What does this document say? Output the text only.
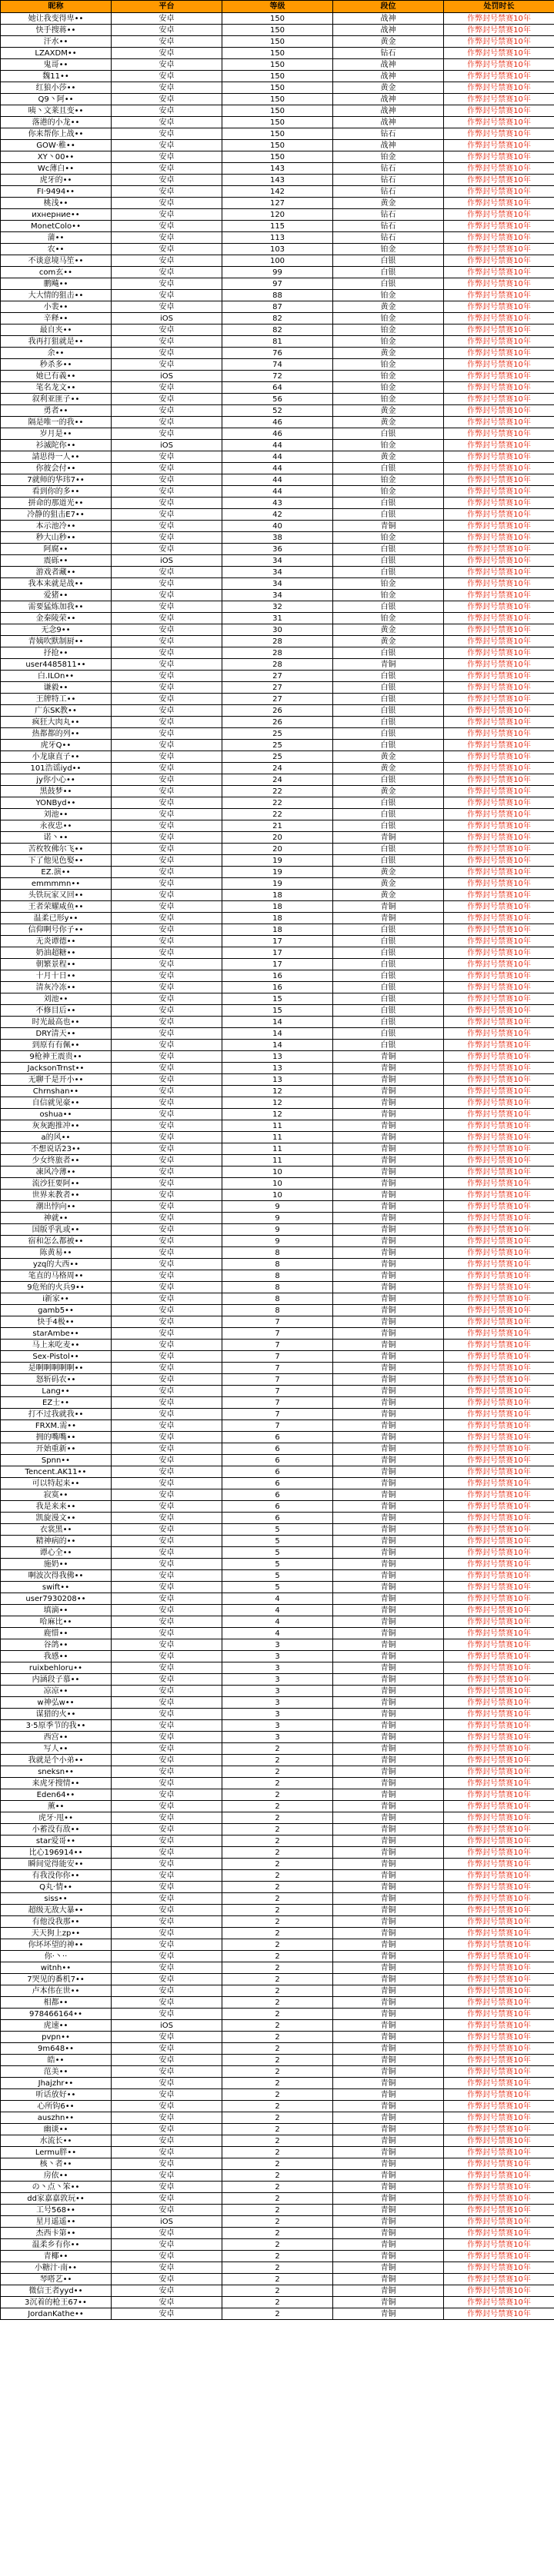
昵称	平台	等级	段位	处罚时长
她让我变得卑••	安卓	150	战神	作弊封号禁赛10年
快手搜蒋••	安卓	150	战神	作弊封号禁赛10年
汗水••	安卓	150	黄金	作弊封号禁赛10年
LZAXDM••	安卓	150	钻石	作弊封号禁赛10年
鬼哥••	安卓	150	战神	作弊封号禁赛10年
魏11••	安卓	150	战神	作弊封号禁赛10年
红狼小莎••	安卓	150	黄金	作弊封号禁赛10年
Q9丶阿••	安卓	150	战神	作弊封号禁赛10年
咦丶文莱且变••	安卓	150	战神	作弊封号禁赛10年
落港的小龙••	安卓	150	战神	作弊封号禁赛10年
你来帮你上战••	安卓	150	钻石	作弊封号禁赛10年
GOW·稚••	安卓	150	战神	作弊封号禁赛10年
XY丶00••	安卓	150	铂金	作弊封号禁赛10年
Wc薄白••	安卓	143	钻石	作弊封号禁赛10年
虎牙的••	安卓	143	钻石	作弊封号禁赛10年
FI·9494••	安卓	142	钻石	作弊封号禁赛10年
桃浅••	安卓	127	黄金	作弊封号禁赛10年
ихнерние••	安卓	120	钻石	作弊封号禁赛10年
MonetColo••	安卓	115	钻石	作弊封号禁赛10年
蒲••	安卓	113	钻石	作弊封号禁赛10年
农••	安卓	103	铂金	作弊封号禁赛10年
不谈意境马笙••	安卓	100	白银	作弊封号禁赛10年
com玄••	安卓	99	白银	作弊封号禁赛10年
鹏飚••	安卓	97	白银	作弊封号禁赛10年
大大情的狙击••	安卓	88	铂金	作弊封号禁赛10年
小裴••	安卓	87	黄金	作弊封号禁赛10年
辛释••	iOS	82	铂金	作弊封号禁赛10年
最自夹••	安卓	82	铂金	作弊封号禁赛10年
我再打狙就是••	安卓	81	铂金	作弊封号禁赛10年
余••	安卓	76	黄金	作弊封号禁赛10年
秒杀多••	安卓	74	铂金	作弊封号禁赛10年
她已有義••	iOS	72	铂金	作弊封号禁赛10年
笔名龙文••	安卓	64	铂金	作弊封号禁赛10年
叙利亚匪子••	安卓	56	铂金	作弊封号禁赛10年
勇者••	安卓	52	黄金	作弊封号禁赛10年
隔是唯一的我••	安卓	46	黄金	作弊封号禁赛10年
岁月是••	安卓	46	白银	作弊封号禁赛10年
衫滅陀你••	iOS	44	铂金	作弊封号禁赛10年
請思得一人••	安卓	44	黄金	作弊封号禁赛10年
你彼会付••	安卓	44	白银	作弊封号禁赛10年
7就师的华玮7••	安卓	44	铂金	作弊封号禁赛10年
看到你的多••	安卓	44	铂金	作弊封号禁赛10年
拼命的那道光••	安卓	43	白银	作弊封号禁赛10年
冷静的狙击E7••	安卓	42	白银	作弊封号禁赛10年
本示池冷••	安卓	40	青铜	作弊封号禁赛10年
秒大山秒••	安卓	38	铂金	作弊封号禁赛10年
阿腐••	安卓	36	白银	作弊封号禁赛10年
震砾••	iOS	34	白银	作弊封号禁赛10年
游戏者藏••	安卓	34	白银	作弊封号禁赛10年
我本来就是战••	安卓	34	铂金	作弊封号禁赛10年
爱猪••	安卓	34	铂金	作弊封号禁赛10年
需要猛炼加我••	安卓	32	白银	作弊封号禁赛10年
金秦陵荣••	安卓	31	铂金	作弊封号禁赛10年
无念9••	安卓	30	黄金	作弊封号禁赛10年
青姨吹默制厨••	安卓	28	黄金	作弊封号禁赛10年
抒抢••	安卓	28	白银	作弊封号禁赛10年
user4485811••	安卓	28	青铜	作弊封号禁赛10年
白.ILOn••	安卓	27	白银	作弊封号禁赛10年
谦毅••	安卓	27	白银	作弊封号禁赛10年
王牌特工••	安卓	27	白银	作弊封号禁赛10年
广东SK教••	安卓	26	白银	作弊封号禁赛10年
疯狂大肉丸••	安卓	26	白银	作弊封号禁赛10年
热都都的列••	安卓	25	白银	作弊封号禁赛10年
虎牙Q••	安卓	25	白银	作弊封号禁赛10年
小龙康直子••	安卓	25	黄金	作弊封号禁赛10年
101浩谣iyd••	安卓	24	黄金	作弊封号禁赛10年
jy你小心••	安卓	24	白银	作弊封号禁赛10年
黑鼓梦••	安卓	22	黄金	作弊封号禁赛10年
YONByd••	安卓	22	白银	作弊封号禁赛10年
刘池••	安卓	22	白银	作弊封号禁赛10年
永夜忠••	安卓	21	白银	作弊封号禁赛10年
诺丶••	安卓	20	青铜	作弊封号禁赛10年
苦枚牧佛尔飞••	安卓	20	白银	作弊封号禁赛10年
下了他见色娶••	安卓	19	白银	作弊封号禁赛10年
EZ.演••	安卓	19	黄金	作弊封号禁赛10年
emmmmn••	安卓	19	黄金	作弊封号禁赛10年
头铁玩家又回••	安卓	18	黄金	作弊封号禁赛10年
王者荣耀咸鱼••	安卓	18	青铜	作弊封号禁赛10年
温柔已形y••	安卓	18	青铜	作弊封号禁赛10年
信仰啊号你子••	安卓	18	白银	作弊封号禁赛10年
无炎谭德••	安卓	17	白银	作弊封号禁赛10年
奶油超糖••	安卓	17	白银	作弊封号禁赛10年
朝繁景程••	安卓	17	白银	作弊封号禁赛10年
十月十日••	安卓	16	白银	作弊封号禁赛10年
清灰冷冻••	安卓	16	白银	作弊封号禁赛10年
刘池••	安卓	15	白银	作弊封号禁赛10年
不修目后••	安卓	15	白银	作弊封号禁赛10年
时光最高也••	安卓	14	白银	作弊封号禁赛10年
DRY清天••	安卓	14	白银	作弊封号禁赛10年
到原有有佩••	安卓	14	白银	作弊封号禁赛10年
9枪神王震贵••	安卓	13	青铜	作弊封号禁赛10年
JacksonTrnst••	安卓	13	青铜	作弊封号禁赛10年
无聊千是开小••	安卓	13	青铜	作弊封号禁赛10年
Chrnshan••	安卓	12	青铜	作弊封号禁赛10年
自信就见豪••	安卓	12	青铜	作弊封号禁赛10年
oshua••	安卓	12	青铜	作弊封号禁赛10年
灰灰跑推冲••	安卓	11	青铜	作弊封号禁赛10年
a的风••	安卓	11	青铜	作弊封号禁赛10年
不想说话23••	安卓	11	青铜	作弊封号禁赛10年
少女终旅者••	安卓	11	青铜	作弊封号禁赛10年
凍风冷薄••	安卓	10	青铜	作弊封号禁赛10年
流沙狂要阿••	安卓	10	青铜	作弊封号禁赛10年
世界来教者••	安卓	10	青铜	作弊封号禁赛10年
潮出悖向••	安卓	9	青铜	作弊封号禁赛10年
神就••	安卓	9	青铜	作弊封号禁赛10年
国版乎乳或••	安卓	9	青铜	作弊封号禁赛10年
宿和怎么都被••	安卓	9	青铜	作弊封号禁赛10年
陈黄易••	安卓	8	青铜	作弊封号禁赛10年
yzq的大西••	安卓	8	青铜	作弊封号禁赛10年
笔直的马格周••	安卓	8	青铜	作弊封号禁赛10年
9危殆的火兵9••	安卓	8	青铜	作弊封号禁赛10年
i新家••	安卓	8	青铜	作弊封号禁赛10年
gamb5••	安卓	8	青铜	作弊封号禁赛10年
快手4极••	安卓	7	青铜	作弊封号禁赛10年
starAmbe••	安卓	7	青铜	作弊封号禁赛10年
马上来吃麦••	安卓	7	青铜	作弊封号禁赛10年
Sex-Pistol••	安卓	7	青铜	作弊封号禁赛10年
是啊啊啊啊啊••	安卓	7	青铜	作弊封号禁赛10年
怒斩码农••	安卓	7	青铜	作弊封号禁赛10年
Lang••	安卓	7	青铜	作弊封号禁赛10年
EZ士••	安卓	7	青铜	作弊封号禁赛10年
打不过我就我••	安卓	7	青铜	作弊封号禁赛10年
FRXM.需••	安卓	7	青铜	作弊封号禁赛10年
拥的嘴嘴••	安卓	6	青铜	作弊封号禁赛10年
开始重新••	安卓	6	青铜	作弊封号禁赛10年
Spnn••	安卓	6	青铜	作弊封号禁赛10年
Tencent.AK11••	安卓	6	青铜	作弊封号禁赛10年
可以特起来••	安卓	6	青铜	作弊封号禁赛10年
寂寞••	安卓	6	青铜	作弊封号禁赛10年
我是来来••	安卓	6	青铜	作弊封号禁赛10年
凯旋漫文••	安卓	6	青铜	作弊封号禁赛10年
衣裳黑••	安卓	5	青铜	作弊封号禁赛10年
精神病的••	安卓	5	青铜	作弊封号禁赛10年
谭心全••	安卓	5	青铜	作弊封号禁赛10年
施奶••	安卓	5	青铜	作弊封号禁赛10年
啊波次得我佛••	安卓	5	青铜	作弊封号禁赛10年
swift••	安卓	5	青铜	作弊封号禁赛10年
user7930208••	安卓	4	青铜	作弊封号禁赛10年
填滴••	安卓	4	青铜	作弊封号禁赛10年
哈麻比••	安卓	4	青铜	作弊封号禁赛10年
鹿惜••	安卓	4	青铜	作弊封号禁赛10年
谷鸽••	安卓	3	青铜	作弊封号禁赛10年
我感••	安卓	3	青铜	作弊封号禁赛10年
ruixbehloru••	安卓	3	青铜	作弊封号禁赛10年
内涵段子慕••	安卓	3	青铜	作弊封号禁赛10年
凉凉••	安卓	3	青铜	作弊封号禁赛10年
w神弘w••	安卓	3	青铜	作弊封号禁赛10年
谋猎的火••	安卓	3	青铜	作弊封号禁赛10年
3·5原季节的我••	安卓	3	青铜	作弊封号禁赛10年
西宫••	安卓	3	青铜	作弊封号禁赛10年
写人••	安卓	2	青铜	作弊封号禁赛10年
我就是个小弟••	安卓	2	青铜	作弊封号禁赛10年
sneksn••	安卓	2	青铜	作弊封号禁赛10年
来虎牙搜情••	安卓	2	青铜	作弊封号禁赛10年
Eden64••	安卓	2	青铜	作弊封号禁赛10年
薰••	安卓	2	青铜	作弊封号禁赛10年
虎牙·甩••	安卓	2	青铜	作弊封号禁赛10年
小蓄没有敌••	安卓	2	青铜	作弊封号禁赛10年
star爱哥••	安卓	2	青铜	作弊封号禁赛10年
比心196914••	安卓	2	青铜	作弊封号禁赛10年
瞬间觉得能安••	安卓	2	青铜	作弊封号禁赛10年
有我没你你••	安卓	2	青铜	作弊封号禁赛10年
Q丸·情••	安卓	2	青铜	作弊封号禁赛10年
siss••	安卓	2	青铜	作弊封号禁赛10年
超级无敌大暴••	安卓	2	青铜	作弊封号禁赛10年
有他没我那••	安卓	2	青铜	作弊封号禁赛10年
天天狗上zp••	安卓	2	青铜	作弊封号禁赛10年
你坏坏望的神••	安卓	2	青铜	作弊封号禁赛10年
你·丶··	安卓	2	青铜	作弊封号禁赛10年
witnh••	安卓	2	青铜	作弊封号禁赛10年
7哭见的番机7••	安卓	2	青铜	作弊封号禁赛10年
卢本伟在世••	安卓	2	青铜	作弊封号禁赛10年
相都••	安卓	2	青铜	作弊封号禁赛10年
978466164••	安卓	2	青铜	作弊封号禁赛10年
虎速••	iOS	2	青铜	作弊封号禁赛10年
pvpn••	安卓	2	青铜	作弊封号禁赛10年
9m648••	安卓	2	青铜	作弊封号禁赛10年
皓••	安卓	2	青铜	作弊封号禁赛10年
范美••	安卓	2	青铜	作弊封号禁赛10年
Jhajzhr••	安卓	2	青铜	作弊封号禁赛10年
听话放好••	安卓	2	青铜	作弊封号禁赛10年
心所钩6••	安卓	2	青铜	作弊封号禁赛10年
auszhn••	安卓	2	青铜	作弊封号禁赛10年
幽谈••	安卓	2	青铜	作弊封号禁赛10年
水流长••	安卓	2	青铜	作弊封号禁赛10年
Lermu胖••	安卓	2	青铜	作弊封号禁赛10年
核丶者••	安卓	2	青铜	作弊封号禁赛10年
房依••	安卓	2	青铜	作弊封号禁赛10年
の丶点丶笨••	安卓	2	青铜	作弊封号禁赛10年
dd家嘉嘉敦玩••	安卓	2	青铜	作弊封号禁赛10年
工号568••	安卓	2	青铜	作弊封号禁赛10年
星月遥遥••	iOS	2	青铜	作弊封号禁赛10年
杰西卡第••	安卓	2	青铜	作弊封号禁赛10年
温柔乡有你••	安卓	2	青铜	作弊封号禁赛10年
青椰••	安卓	2	青铜	作弊封号禁赛10年
小糖汁·南••	安卓	2	青铜	作弊封号禁赛10年
琴嗒艺••	安卓	2	青铜	作弊封号禁赛10年
微信王者yyd••	安卓	2	青铜	作弊封号禁赛10年
3沉着的枪王67••	安卓	2	青铜	作弊封号禁赛10年
JordanKathe••	安卓	2	青铜	作弊封号禁赛10年
